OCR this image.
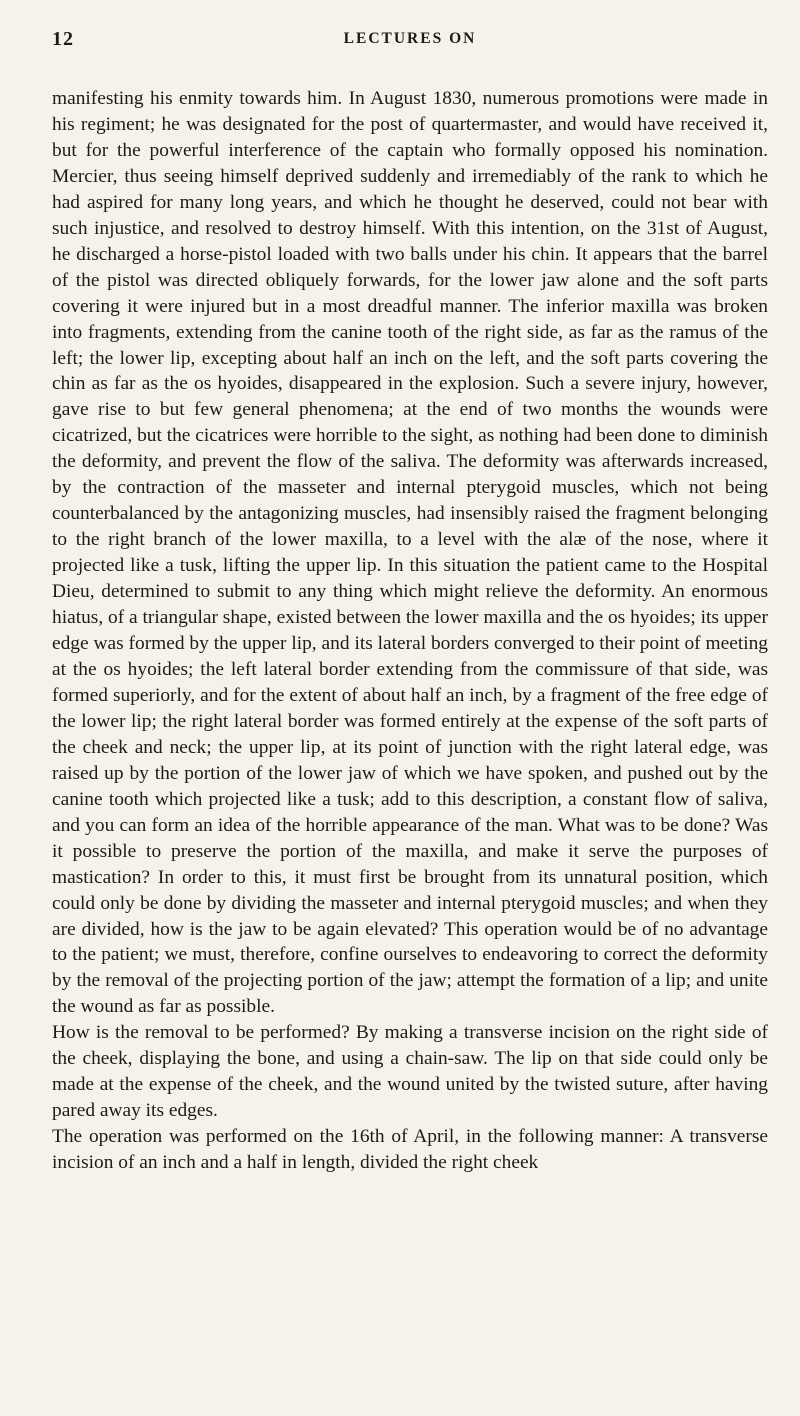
12	LECTURES ON

manifesting his enmity towards him. In August 1830, numerous promotions were made in his regiment; he was designated for the post of quartermaster, and would have received it, but for the powerful interference of the captain who formally opposed his nomination. Mercier, thus seeing himself deprived suddenly and irremediably of the rank to which he had aspired for many long years, and which he thought he deserved, could not bear with such injustice, and resolved to destroy himself. With this intention, on the 31st of August, he discharged a horse-pistol loaded with two balls under his chin. It appears that the barrel of the pistol was directed obliquely forwards, for the lower jaw alone and the soft parts covering it were injured but in a most dreadful manner. The inferior maxilla was broken into fragments, extending from the canine tooth of the right side, as far as the ramus of the left; the lower lip, excepting about half an inch on the left, and the soft parts covering the chin as far as the os hyoides, disappeared in the explosion. Such a severe injury, however, gave rise to but few general phenomena; at the end of two months the wounds were cicatrized, but the cicatrices were horrible to the sight, as nothing had been done to diminish the deformity, and prevent the flow of the saliva. The deformity was afterwards increased, by the contraction of the masseter and internal pterygoid muscles, which not being counterbalanced by the antagonizing muscles, had insensibly raised the fragment belonging to the right branch of the lower maxilla, to a level with the alæ of the nose, where it projected like a tusk, lifting the upper lip. In this situation the patient came to the Hospital Dieu, determined to submit to any thing which might relieve the deformity. An enormous hiatus, of a triangular shape, existed between the lower maxilla and the os hyoides; its upper edge was formed by the upper lip, and its lateral borders converged to their point of meeting at the os hyoides; the left lateral border extending from the commissure of that side, was formed superiorly, and for the extent of about half an inch, by a fragment of the free edge of the lower lip; the right lateral border was formed entirely at the expense of the soft parts of the cheek and neck; the upper lip, at its point of junction with the right lateral edge, was raised up by the portion of the lower jaw of which we have spoken, and pushed out by the canine tooth which projected like a tusk; add to this description, a constant flow of saliva, and you can form an idea of the horrible appearance of the man. What was to be done? Was it possible to preserve the portion of the maxilla, and make it serve the purposes of mastication? In order to this, it must first be brought from its unnatural position, which could only be done by dividing the masseter and internal pterygoid muscles; and when they are divided, how is the jaw to be again elevated? This operation would be of no advantage to the patient; we must, therefore, confine ourselves to endeavoring to correct the deformity by the removal of the projecting portion of the jaw; attempt the formation of a lip; and unite the wound as far as possible.

How is the removal to be performed? By making a transverse incision on the right side of the cheek, displaying the bone, and using a chain-saw. The lip on that side could only be made at the expense of the cheek, and the wound united by the twisted suture, after having pared away its edges.

The operation was performed on the 16th of April, in the following manner: A transverse incision of an inch and a half in length, divided the right cheek
